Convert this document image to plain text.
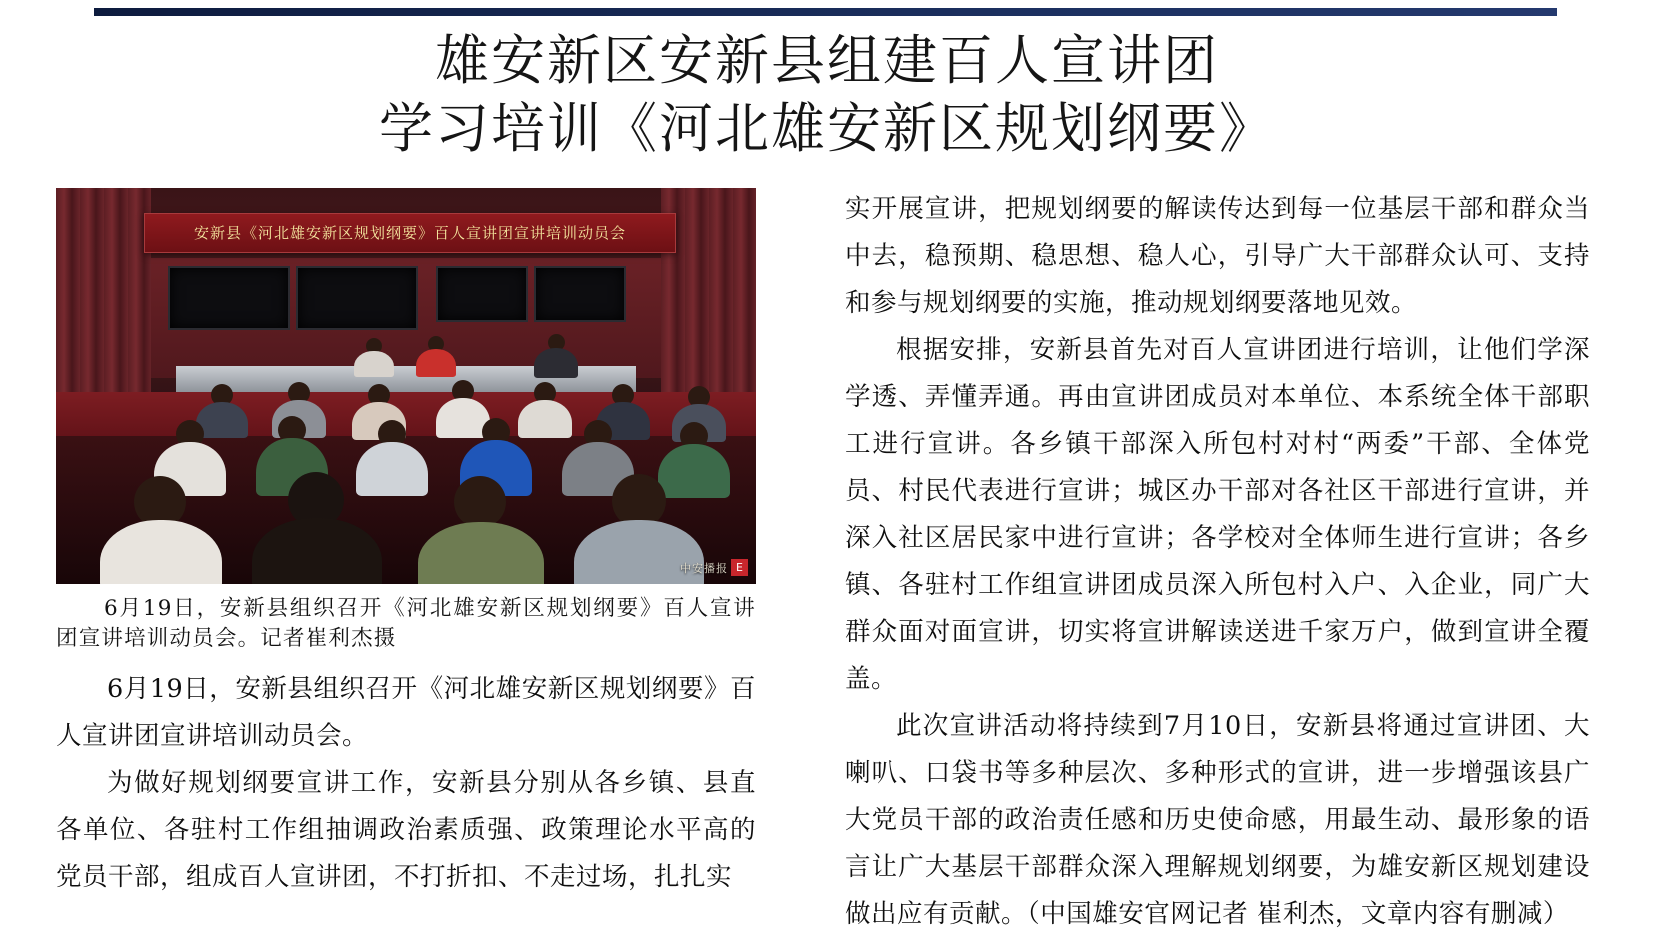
雄安新区安新县组建百人宣讲团
学习培训《河北雄安新区规划纲要》
安新县《河北雄安新区规划纲要》百人宣讲团宣讲培训动员会
中安播报 E
6月19日，安新县组织召开《河北雄安新区规划纲要》百人宣讲团宣讲培训动员会。记者崔利杰摄

6月19日，安新县组织召开《河北雄安新区规划纲要》百人宣讲团宣讲培训动员会。

为做好规划纲要宣讲工作，安新县分别从各乡镇、县直各单位、各驻村工作组抽调政治素质强、政策理论水平高的党员干部，组成百人宣讲团，不打折扣、不走过场，扎扎实

实开展宣讲，把规划纲要的解读传达到每一位基层干部和群众当中去，稳预期、稳思想、稳人心，引导广大干部群众认可、支持和参与规划纲要的实施，推动规划纲要落地见效。

根据安排，安新县首先对百人宣讲团进行培训，让他们学深学透、弄懂弄通。再由宣讲团成员对本单位、本系统全体干部职工进行宣讲。各乡镇干部深入所包村对村“两委”干部、全体党员、村民代表进行宣讲；城区办干部对各社区干部进行宣讲，并深入社区居民家中进行宣讲；各学校对全体师生进行宣讲；各乡镇、各驻村工作组宣讲团成员深入所包村入户、入企业，同广大群众面对面宣讲，切实将宣讲解读送进千家万户，做到宣讲全覆盖。

此次宣讲活动将持续到7月10日，安新县将通过宣讲团、大喇叭、口袋书等多种层次、多种形式的宣讲，进一步增强该县广大党员干部的政治责任感和历史使命感，用最生动、最形象的语言让广大基层干部群众深入理解规划纲要，为雄安新区规划建设做出应有贡献。（中国雄安官网记者 崔利杰，文章内容有删减）
